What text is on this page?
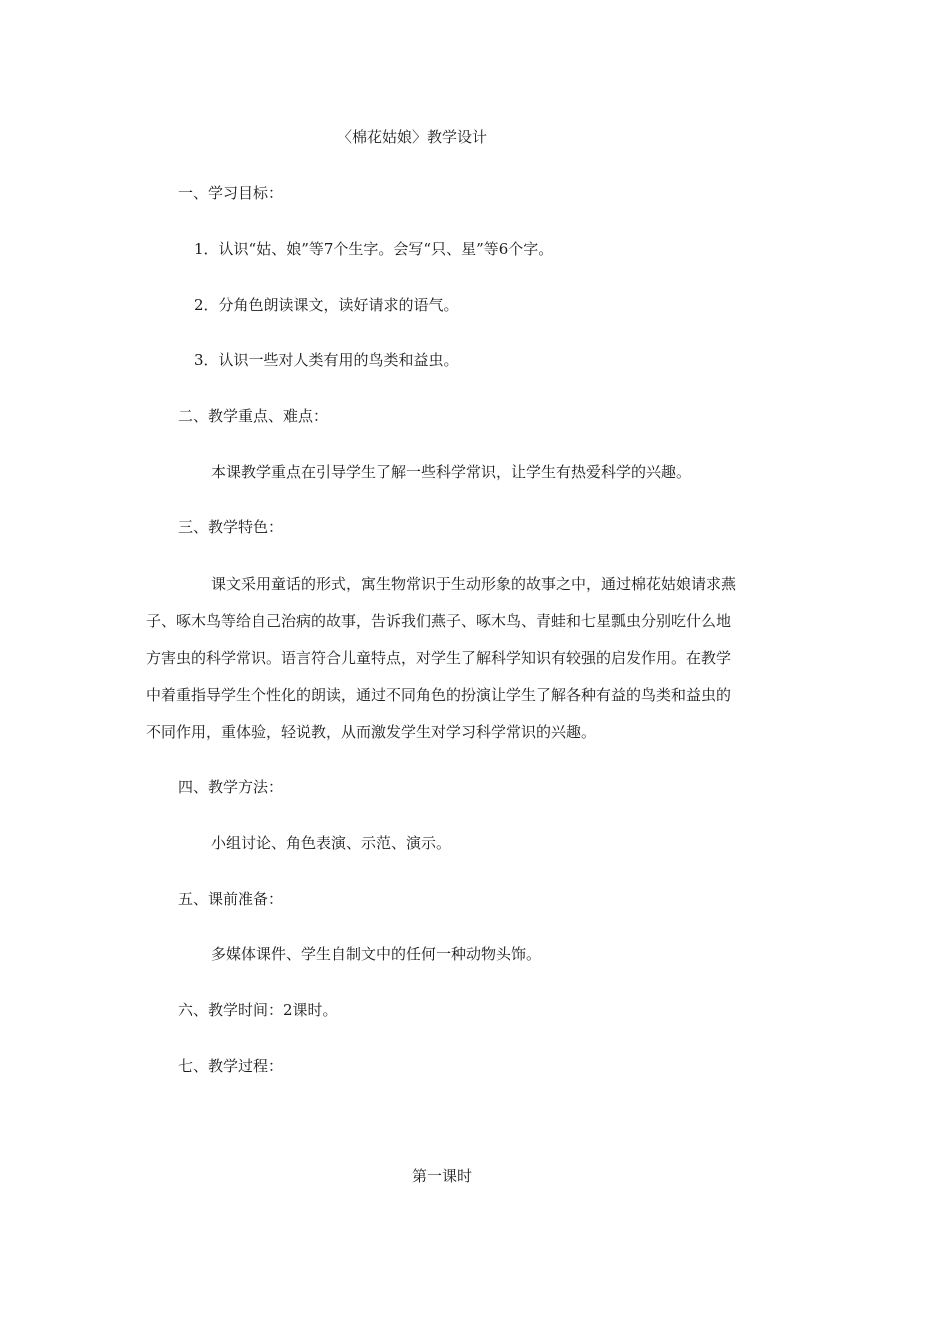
〈棉花姑娘〉教学设计
一、学习目标：
1．认识“姑、娘”等7个生字。会写“只、星”等6个字。
2．分角色朗读课文，读好请求的语气。
3．认识一些对人类有用的鸟类和益虫。
二、教学重点、难点：
本课教学重点在引导学生了解一些科学常识，让学生有热爱科学的兴趣。
三、教学特色：
课文采用童话的形式，寓生物常识于生动形象的故事之中，通过棉花姑娘请求燕
子、啄木鸟等给自己治病的故事，告诉我们燕子、啄木鸟、青蛙和七星瓢虫分别吃什么地
方害虫的科学常识。语言符合儿童特点，对学生了解科学知识有较强的启发作用。在教学
中着重指导学生个性化的朗读，通过不同角色的扮演让学生了解各种有益的鸟类和益虫的
不同作用，重体验，轻说教，从而激发学生对学习科学常识的兴趣。
四、教学方法：
小组讨论、角色表演、示范、演示。
五、课前准备：
多媒体课件、学生自制文中的任何一种动物头饰。
六、教学时间：2课时。
七、教学过程：
第一课时
